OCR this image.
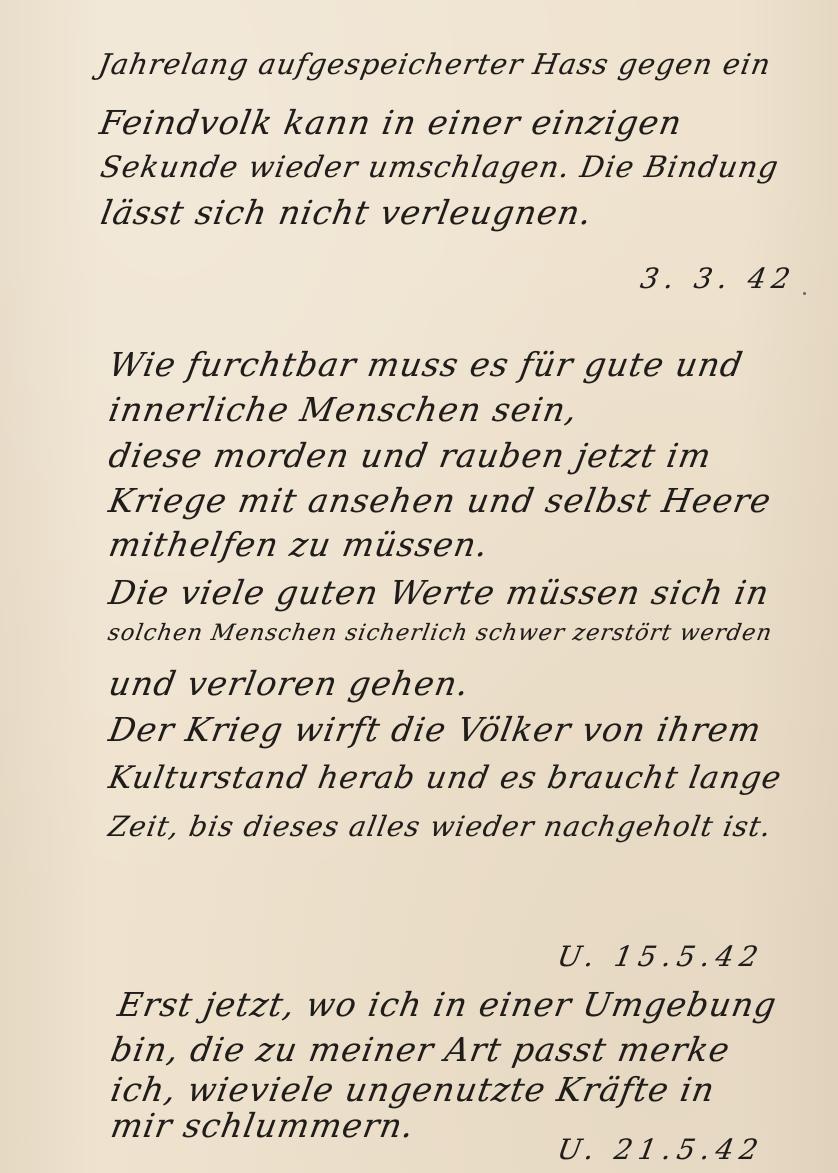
Jahrelang aufgespeicherter Hass gegen ein
Feindvolk kann in einer einzigen
Sekunde wieder umschlagen. Die Bindung
lässt sich nicht verleugnen.
3. 3. 42
Wie furchtbar muss es für gute und
innerliche Menschen sein,
diese morden und rauben jetzt im
Kriege mit ansehen und selbst Heere
mithelfen zu müssen.
Die viele guten Werte müssen sich in
solchen Menschen sicherlich schwer zerstört werden
und verloren gehen.
Der Krieg wirft die Völker von ihrem
Kulturstand herab und es braucht lange
Zeit, bis dieses alles wieder nachgeholt ist.
U. 15.5.42
Erst jetzt, wo ich in einer Umgebung
bin, die zu meiner Art passt merke
ich, wieviele ungenutzte Kräfte in
mir schlummern.
U. 21.5.42
